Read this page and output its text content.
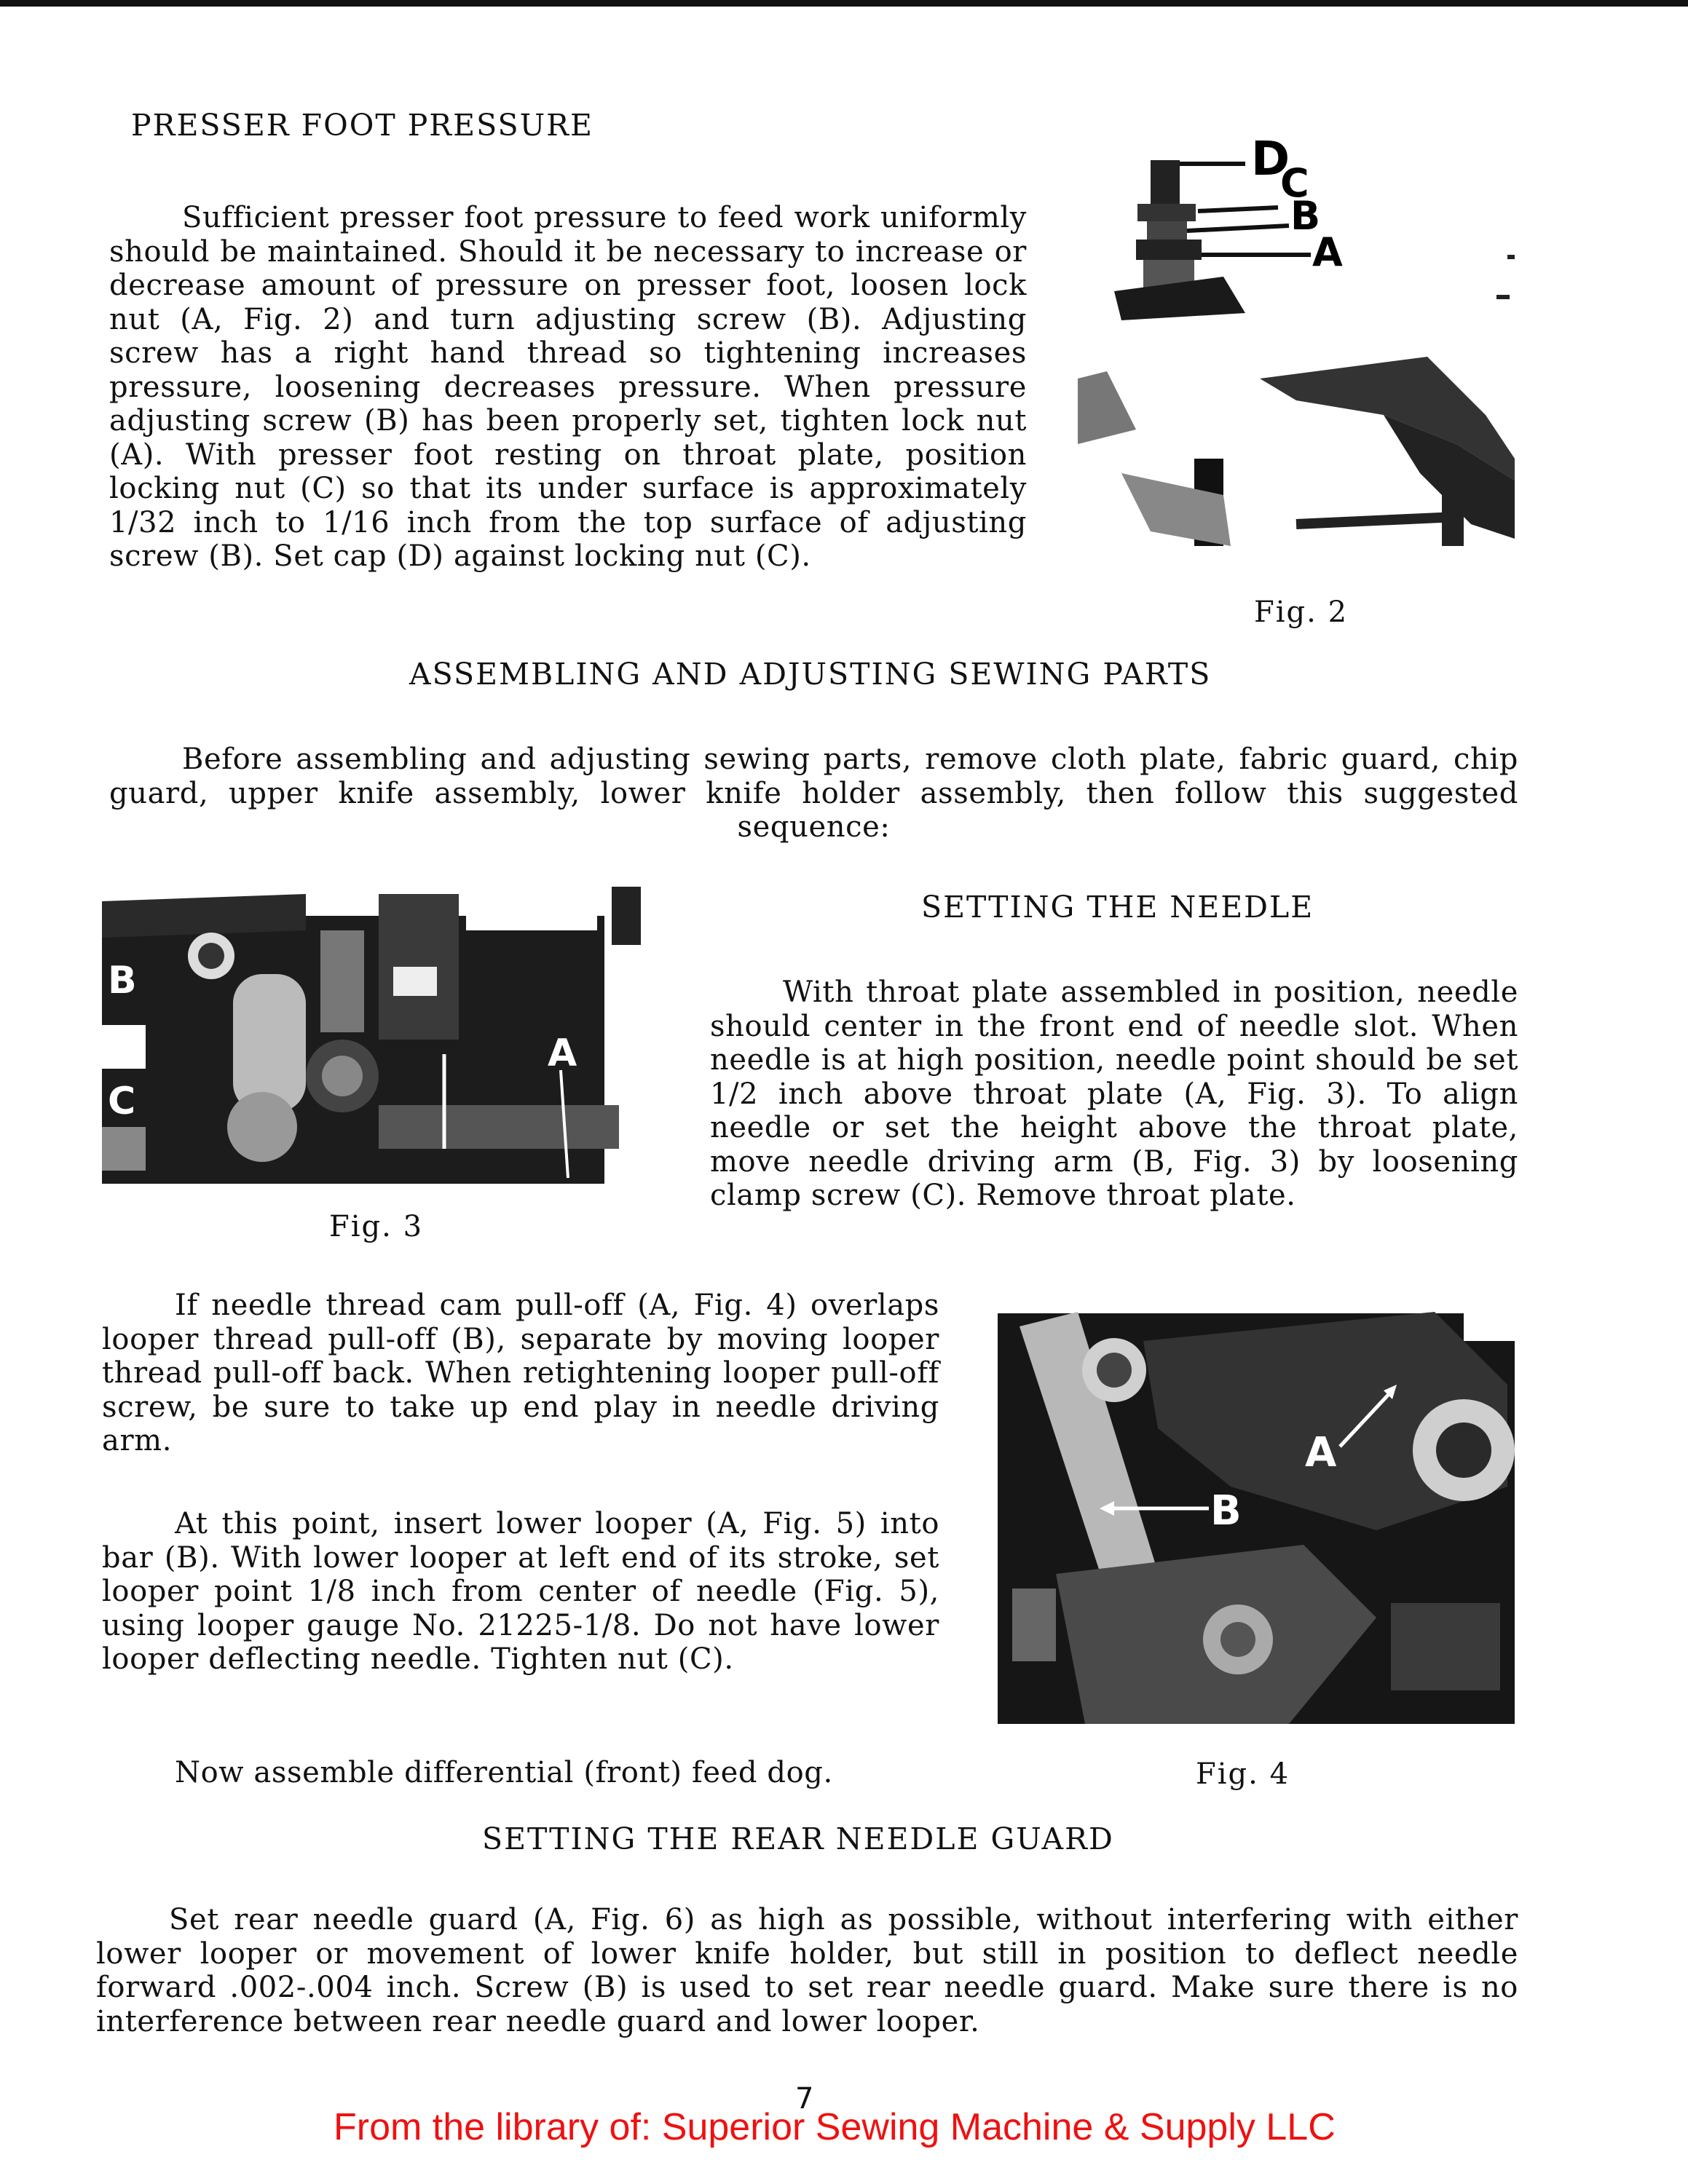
PRESSER FOOT PRESSURE

Sufficient presser foot pressure to feed work uniformly should be maintained. Should it be necessary to increase or decrease amount of pressure on presser foot, loosen lock nut (A, Fig. 2) and turn adjusting screw (B). Adjusting screw has a right hand thread so tightening increases pressure, loosening decreases pressure. When pressure adjusting screw (B) has been properly set, tighten lock nut (A). With presser foot resting on throat plate, position locking nut (C) so that its under surface is approximately 1/32 inch to 1/16 inch from the top surface of adjusting screw (B). Set cap (D) against locking nut (C).

D
C
B
A
Fig. 2
ASSEMBLING AND ADJUSTING SEWING PARTS

Before assembling and adjusting sewing parts, remove cloth plate, fabric guard, chip guard, upper knife assembly, lower knife holder assembly, then follow this suggested sequence:

B
C
A
Fig. 3
SETTING THE NEEDLE

With throat plate assembled in position, needle should center in the front end of needle slot. When needle is at high position, needle point should be set 1/2 inch above throat plate (A, Fig. 3). To align needle or set the height above the throat plate, move needle driving arm (B, Fig. 3) by loosening clamp screw (C). Remove throat plate.

If needle thread cam pull-off (A, Fig. 4) overlaps looper thread pull-off (B), separate by moving looper thread pull-off back. When retightening looper pull-off screw, be sure to take up end play in needle driving arm.

At this point, insert lower looper (A, Fig. 5) into bar (B). With lower looper at left end of its stroke, set looper point 1/8 inch from center of needle (Fig. 5), using looper gauge No. 21225-1/8. Do not have lower looper deflecting needle. Tighten nut (C).

A
B
Now assemble differential (front) feed dog.	Fig. 4
SETTING THE REAR NEEDLE GUARD

Set rear needle guard (A, Fig. 6) as high as possible, without interfering with either lower looper or movement of lower knife holder, but still in position to deflect needle forward .002-.004 inch. Screw (B) is used to set rear needle guard. Make sure there is no interference between rear needle guard and lower looper.

7
From the library of: Superior Sewing Machine & Supply LLC
